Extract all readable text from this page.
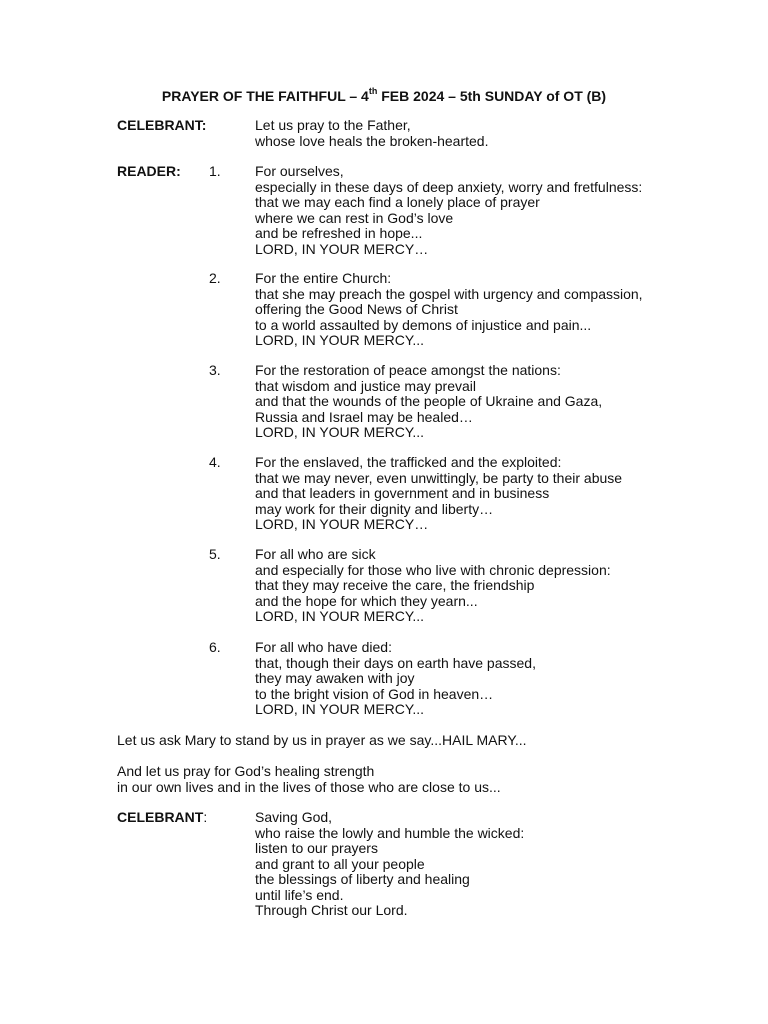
PRAYER OF THE FAITHFUL – 4th FEB 2024 – 5th SUNDAY of OT (B)
CELEBRANT:	Let us pray to the Father,
whose love heals the broken-hearted.
READER: 1. For ourselves,
especially in these days of deep anxiety, worry and fretfulness:
that we may each find a lonely place of prayer
where we can rest in God’s love
and be refreshed in hope...
LORD, IN YOUR MERCY…
2. For the entire Church:
that she may preach the gospel with urgency and compassion,
offering the Good News of Christ
to a world assaulted by demons of injustice and pain...
LORD, IN YOUR MERCY...
3. For the restoration of peace amongst the nations:
that wisdom and justice may prevail
and that the wounds of the people of Ukraine and Gaza,
Russia and Israel may be healed…
LORD, IN YOUR MERCY...
4. For the enslaved, the trafficked and the exploited:
that we may never, even unwittingly, be party to their abuse
and that leaders in government and in business
may work for their dignity and liberty…
LORD, IN YOUR MERCY…
5. For all who are sick
and especially for those who live with chronic depression:
that they may receive the care, the friendship
and the hope for which they yearn...
LORD, IN YOUR MERCY...
6. For all who have died:
that, though their days on earth have passed,
they may awaken with joy
to the bright vision of God in heaven…
LORD, IN YOUR MERCY...
Let us ask Mary to stand by us in prayer as we say...HAIL MARY...
And let us pray for God’s healing strength
in our own lives and in the lives of those who are close to us...
CELEBRANT:	Saving God,
who raise the lowly and humble the wicked:
listen to our prayers
and grant to all your people
the blessings of liberty and healing
until life’s end.
Through Christ our Lord.
